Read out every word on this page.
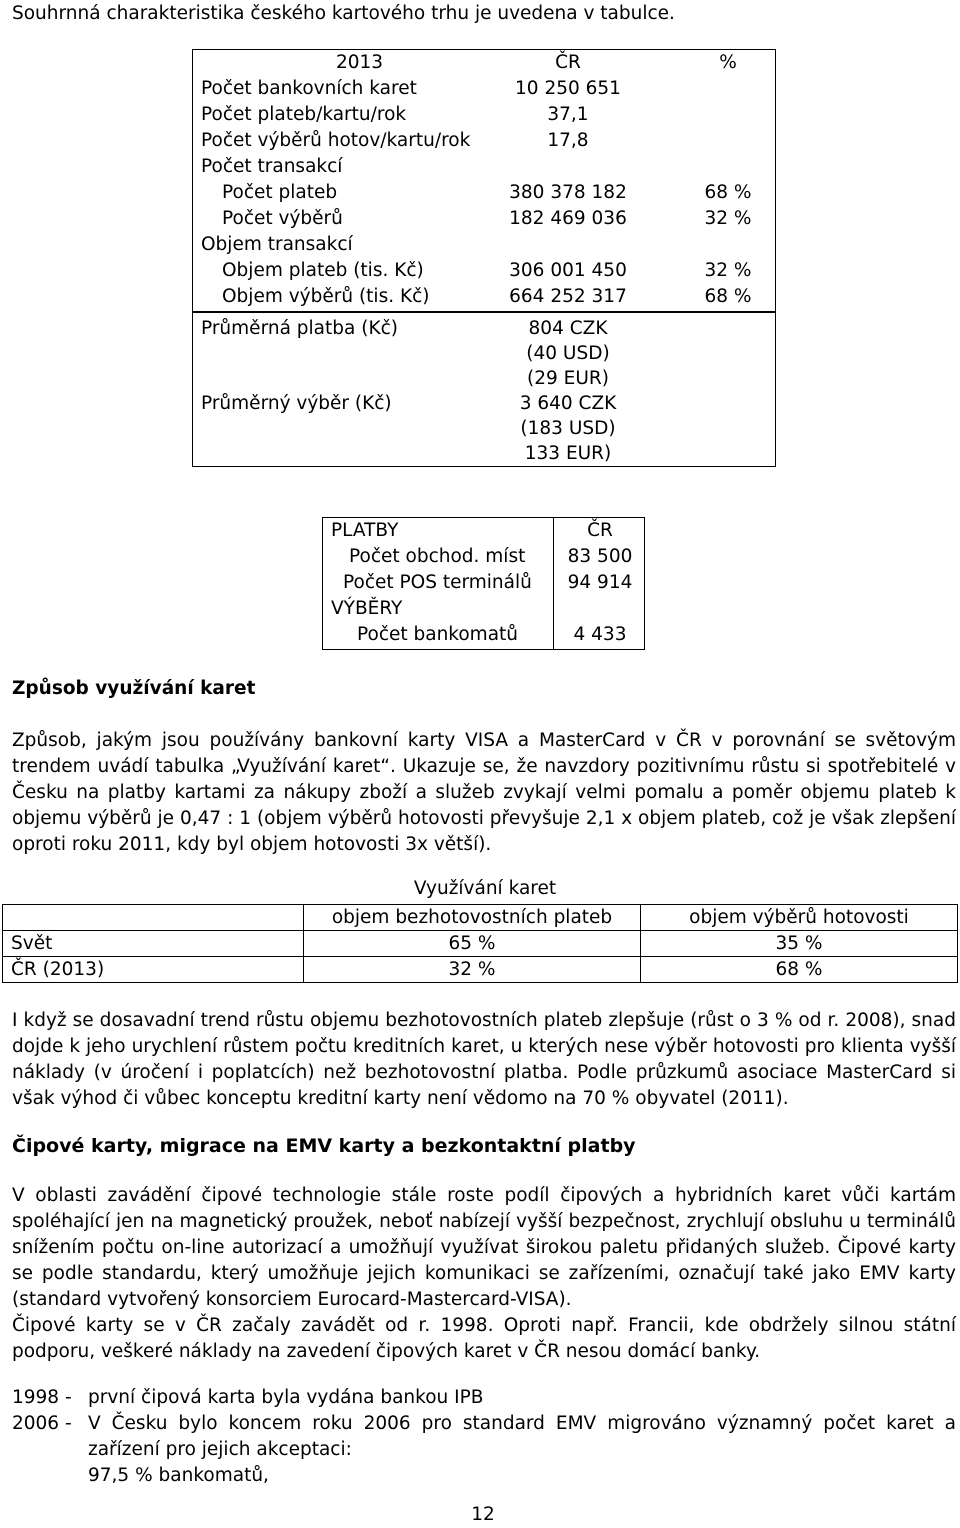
Souhrnná charakteristika českého kartového trhu je uvedena v tabulce.
2013	ČR	%
Počet bankovních karet	10 250 651
Počet plateb/kartu/rok	37,1
Počet výběrů hotov/kartu/rok	17,8
Počet transakcí
Počet plateb	380 378 182	68 %
Počet výběrů	182 469 036	32 %
Objem transakcí
Objem plateb (tis. Kč)	306 001 450	32 %
Objem výběrů (tis. Kč)	664 252 317	68 %
Průměrná platba (Kč)	804 CZK
(40 USD)
(29 EUR)
Průměrný výběr (Kč)	3 640 CZK
(183 USD)
133 EUR)
PLATBY	ČR
Počet obchod. míst	83 500
Počet POS terminálů	94 914
VÝBĚRY
Počet bankomatů	4 433
Způsob využívání karet

Způsob, jakým jsou používány bankovní karty VISA a MasterCard v ČR v porovnání se světovým trendem uvádí tabulka „Využívání karet“. Ukazuje se, že navzdory pozitivnímu růstu si spotřebitelé v Česku na platby kartami za nákupy zboží a služeb zvykají velmi pomalu a poměr objemu plateb k objemu výběrů je 0,47 : 1 (objem výběrů hotovosti převyšuje 2,1 x objem plateb, což je však zlepšení oproti roku 2011, kdy byl objem hotovosti 3x větší).

Využívání karet
	objem bezhotovostních plateb	objem výběrů hotovosti
Svět	65 %	35 %
ČR (2013)	32 %	68 %

I když se dosavadní trend růstu objemu bezhotovostních plateb zlepšuje (růst o 3 % od r. 2008), snad dojde k jeho urychlení růstem počtu kreditních karet, u kterých nese výběr hotovosti pro klienta vyšší náklady (v úročení i poplatcích) než bezhotovostní platba. Podle průzkumů asociace MasterCard si však výhod či vůbec konceptu kreditní karty není vědomo na 70 % obyvatel (2011).

Čipové karty, migrace na EMV karty a bezkontaktní platby

V oblasti zavádění čipové technologie stále roste podíl čipových a hybridních karet vůči kartám spoléhající jen na magnetický proužek, neboť nabízejí vyšší bezpečnost, zrychlují obsluhu u terminálů snížením počtu on-line autorizací a umožňují využívat širokou paletu přidaných služeb. Čipové karty se podle standardu, který umožňuje jejich komunikaci se zařízeními, označují také jako EMV karty (standard vytvořený konsorciem Eurocard-Mastercard-VISA).

Čipové karty se v ČR začaly zavádět od r. 1998. Oproti např. Francii, kde obdržely silnou státní podporu, veškeré náklady na zavedení čipových karet v ČR nesou domácí banky.

1998 - první čipová karta byla vydána bankou IPB
2006 - V Česku bylo koncem roku 2006 pro standard EMV migrováno významný počet karet a
zařízení pro jejich akceptaci:
97,5 % bankomatů,
12
